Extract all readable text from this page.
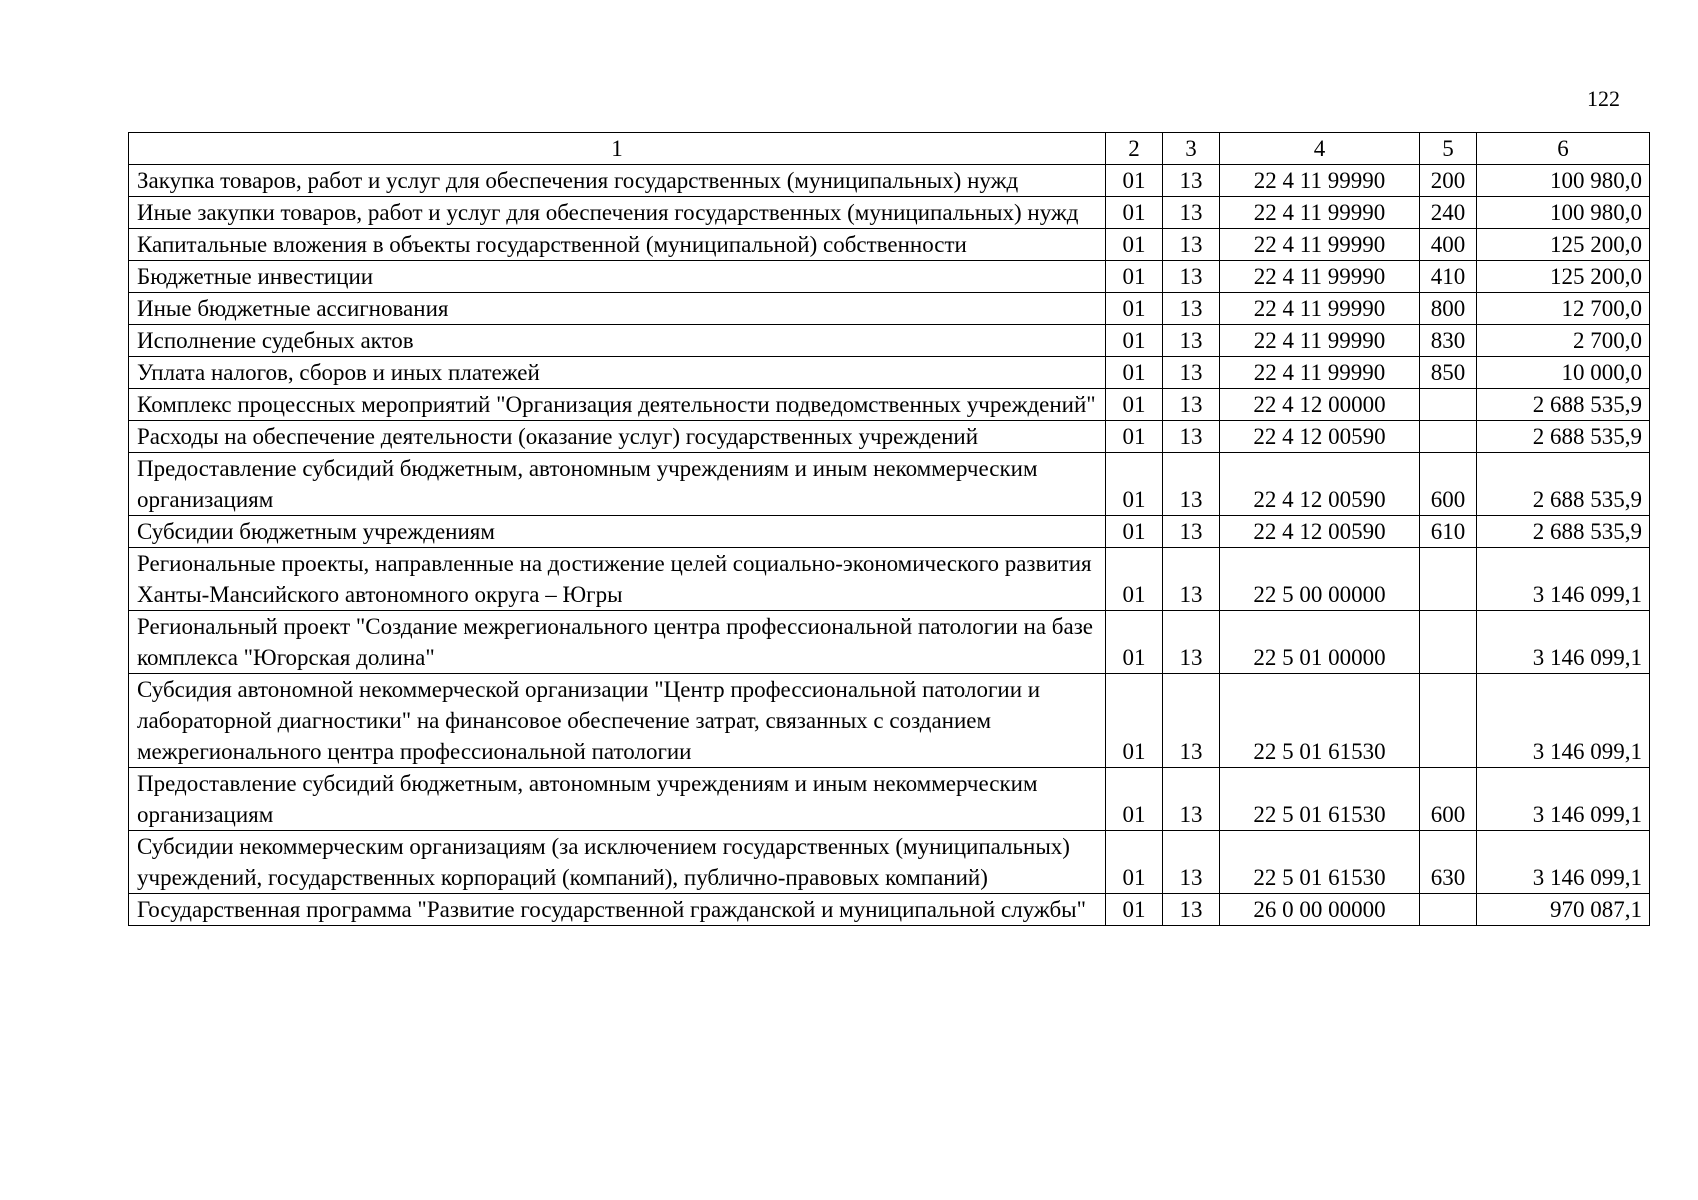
122
1	2	3	4	5	6
Закупка товаров, работ и услуг для обеспечения государственных (муниципальных) нужд	01	13	22 4 11 99990	200	100 980,0
Иные закупки товаров, работ и услуг для обеспечения государственных (муниципальных) нужд	01	13	22 4 11 99990	240	100 980,0
Капитальные вложения в объекты государственной (муниципальной) собственности	01	13	22 4 11 99990	400	125 200,0
Бюджетные инвестиции	01	13	22 4 11 99990	410	125 200,0
Иные бюджетные ассигнования	01	13	22 4 11 99990	800	12 700,0
Исполнение судебных актов	01	13	22 4 11 99990	830	2 700,0
Уплата налогов, сборов и иных платежей	01	13	22 4 11 99990	850	10 000,0
Комплекс процессных мероприятий "Организация деятельности подведомственных учреждений"	01	13	22 4 12 00000		2 688 535,9
Расходы на обеспечение деятельности (оказание услуг) государственных учреждений	01	13	22 4 12 00590		2 688 535,9
Предоставление субсидий бюджетным, автономным учреждениям и иным некоммерческим организациям	01	13	22 4 12 00590	600	2 688 535,9
Субсидии бюджетным учреждениям	01	13	22 4 12 00590	610	2 688 535,9
Региональные проекты, направленные на достижение целей социально-экономического развития Ханты-Мансийского автономного округа – Югры	01	13	22 5 00 00000		3 146 099,1
Региональный проект "Создание межрегионального центра профессиональной патологии на базе комплекса "Югорская долина"	01	13	22 5 01 00000		3 146 099,1
Субсидия автономной некоммерческой организации "Центр профессиональной патологии и лабораторной диагностики" на финансовое обеспечение затрат, связанных с созданием межрегионального центра профессиональной патологии	01	13	22 5 01 61530		3 146 099,1
Предоставление субсидий бюджетным, автономным учреждениям и иным некоммерческим организациям	01	13	22 5 01 61530	600	3 146 099,1
Субсидии некоммерческим организациям (за исключением государственных (муниципальных) учреждений, государственных корпораций (компаний), публично-правовых компаний)	01	13	22 5 01 61530	630	3 146 099,1
Государственная программа "Развитие государственной гражданской и муниципальной службы"	01	13	26 0 00 00000		970 087,1
